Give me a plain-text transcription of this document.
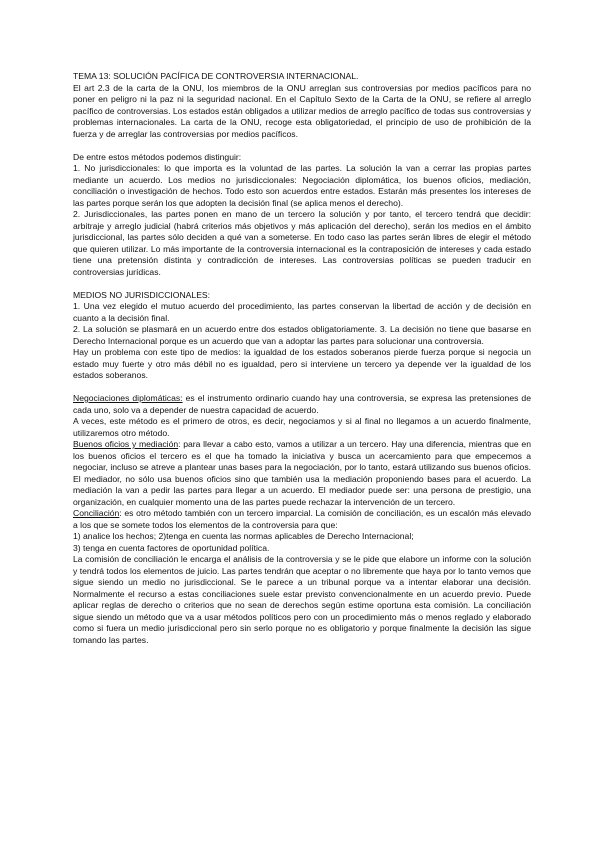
TEMA 13: SOLUCIÓN PACÍFICA DE CONTROVERSIA INTERNACIONAL.

El art 2.3 de la carta de la ONU, los miembros de la ONU arreglan sus controversias por medios pacíficos para no poner en peligro ni la paz ni la seguridad nacional. En el Capítulo Sexto de la Carta de la ONU, se refiere al arreglo pacífico de controversias. Los estados están obligados a utilizar medios de arreglo pacífico de todas sus controversias y problemas internacionales. La carta de la ONU, recoge esta obligatoriedad, el principio de uso de prohibición de la fuerza y de arreglar las controversias por medios pacíficos.

De entre estos métodos podemos distinguir:

1. No jurisdiccionales: lo que importa es la voluntad de las partes. La solución la van a cerrar las propias partes mediante un acuerdo. Los medios no jurisdiccionales: Negociación diplomática, los buenos oficios, mediación, conciliación o investigación de hechos. Todo esto son acuerdos entre estados. Estarán más presentes los intereses de las partes porque serán los que adopten la decisión final (se aplica menos el derecho).

2. Jurisdiccionales, las partes ponen en mano de un tercero la solución y por tanto, el tercero tendrá que decidir: arbitraje y arreglo judicial (habrá criterios más objetivos y más aplicación del derecho), serán los medios en el ámbito jurisdiccional, las partes sólo deciden a qué van a someterse. En todo caso las partes serán libres de elegir el método que quieren utilizar. Lo más importante de la controversia internacional es la contraposición de intereses y cada estado tiene una pretensión distinta y contradicción de intereses. Las controversias políticas se pueden traducir en controversias jurídicas.

MEDIOS NO JURISDICCIONALES:

1. Una vez elegido el mutuo acuerdo del procedimiento, las partes conservan la libertad de acción y de decisión en cuanto a la decisión final.

2. La solución se plasmará en un acuerdo entre dos estados obligatoriamente. 3. La decisión no tiene que basarse en Derecho Internacional porque es un acuerdo que van a adoptar las partes para solucionar una controversia.

Hay un problema con este tipo de medios: la igualdad de los estados soberanos pierde fuerza porque si negocia un estado muy fuerte y otro más débil no es igualdad, pero si interviene un tercero ya depende ver la igualdad de los estados soberanos.

Negociaciones diplomáticas: es el instrumento ordinario cuando hay una controversia, se expresa las pretensiones de cada uno, solo va a depender de nuestra capacidad de acuerdo.

A veces, este método es el primero de otros, es decir, negociamos y si al final no llegamos a un acuerdo finalmente, utilizaremos otro método.

Buenos oficios y mediación: para llevar a cabo esto, vamos a utilizar a un tercero. Hay una diferencia, mientras que en los buenos oficios el tercero es el que ha tomado la iniciativa y busca un acercamiento para que empecemos a negociar, incluso se atreve a plantear unas bases para la negociación, por lo tanto, estará utilizando sus buenos oficios. El mediador, no sólo usa buenos oficios sino que también usa la mediación proponiendo bases para el acuerdo. La mediación la van a pedir las partes para llegar a un acuerdo. El mediador puede ser: una persona de prestigio, una organización, en cualquier momento una de las partes puede rechazar la intervención de un tercero.

Conciliación: es otro método también con un tercero imparcial. La comisión de conciliación, es un escalón más elevado a los que se somete todos los elementos de la controversia para que:

1) analice los hechos; 2)tenga en cuenta las normas aplicables de Derecho Internacional;

3) tenga en cuenta factores de oportunidad política.

La comisión de conciliación le encarga el análisis de la controversia y se le pide que elabore un informe con la solución y tendrá todos los elementos de juicio. Las partes tendrán que aceptar o no libremente que haya por lo tanto vemos que sigue siendo un medio no jurisdiccional. Se le parece a un tribunal porque va a intentar elaborar una decisión. Normalmente el recurso a estas conciliaciones suele estar previsto convencionalmente en un acuerdo previo. Puede aplicar reglas de derecho o criterios que no sean de derechos según estime oportuna esta comisión. La conciliación sigue siendo un método que va a usar métodos políticos pero con un procedimiento más o menos reglado y elaborado como si fuera un medio jurisdiccional pero sin serlo porque no es obligatorio y porque finalmente la decisión las sigue tomando las partes.
